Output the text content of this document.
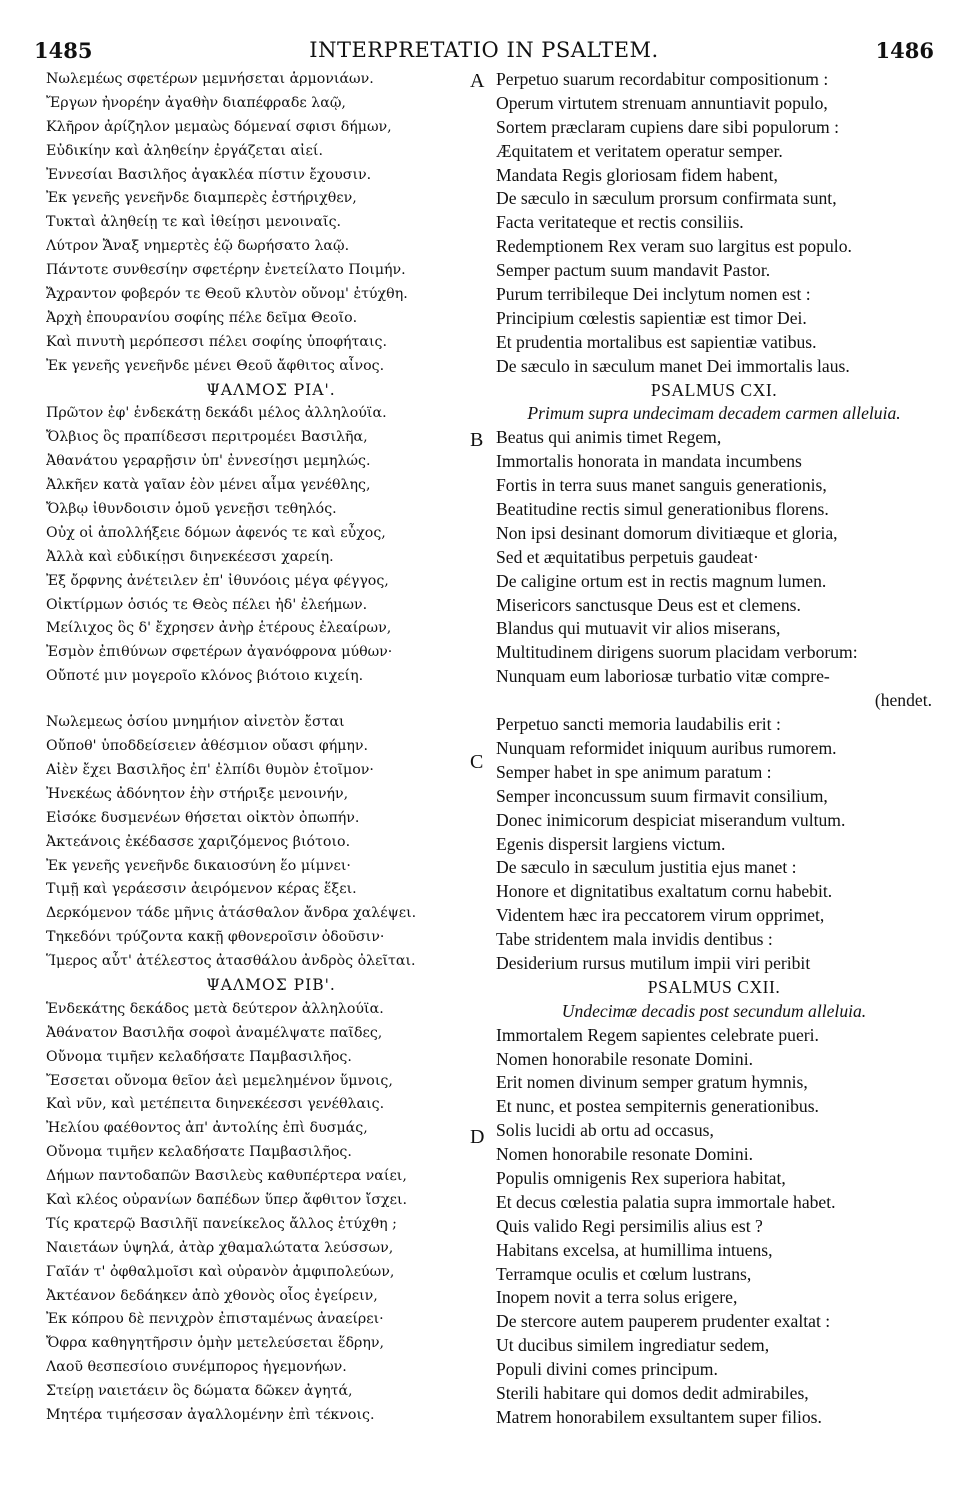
1485	INTERPRETATIO IN PSALTEM.	1486
A
B
C
D
Νωλεμέως σφετέρων μεμνήσεται ἁρμονιάων.
Ἔργων ἠνορέην ἀγαθὴν διαπέφραδε λαῷ,
Κλῆρον ἀρίζηλον μεμαὼς δόμεναί σφισι δήμων,
Εὐδικίην καὶ ἀληθείην ἐργάζεται αἰεί.
Ἐννεσίαι Βασιλῆος ἀγακλέα πίστιν ἔχουσιν.
Ἐκ γενεῆς γενεῆνδε διαμπερὲς ἐστήριχθεν,
Τυκταὶ ἀληθείῃ τε καὶ ἰθείῃσι μενοιναῖς.
Λύτρον Ἄναξ νημερτὲς ἑῷ δωρήσατο λαῷ.
Πάντοτε συνθεσίην σφετέρην ἐνετείλατο Ποιμήν.
Ἄχραντον φοβερόν τε Θεοῦ κλυτὸν οὔνομ' ἐτύχθη.
Ἀρχὴ ἐπουρανίου σοφίης πέλε δεῖμα Θεοῖο.
Καὶ πινυτὴ μερόπεσσι πέλει σοφίης ὑποφήταις.
Ἐκ γενεῆς γενεῆνδε μένει Θεοῦ ἄφθιτος αἶνος.
ΨΑΛΜΟΣ ΡΙΑ'.
Πρῶτον ἐφ' ἑνδεκάτῃ δεκάδι μέλος ἀλληλούϊα.
Ὄλβιος ὃς πραπίδεσσι περιτρομέει Βασιλῆα,
Ἀθανάτου γεραρῇσιν ὑπ' ἐννεσίῃσι μεμηλώς.
Ἀλκῆεν κατὰ γαῖαν ἑὸν μένει αἷμα γενέθλης,
Ὄλβῳ ἰθυνδοισιν ὁμοῦ γενεῇσι τεθηλός.
Οὐχ οἱ ἀπολλήξειε δόμων ἀφενός τε καὶ εὖχος,
Ἀλλὰ καὶ εὐδικίῃσι διηνεκέεσσι χαρείη.
Ἐξ ὄρφνης ἀνέτειλεν ἐπ' ἰθυνόοις μέγα φέγγος,
Οἰκτίρμων ὁσιός τε Θεὸς πέλει ἠδ' ἐλεήμων.
Μείλιχος ὃς δ' ἔχρησεν ἀνὴρ ἑτέρους ἐλεαίρων,
Ἐσμὸν ἐπιθύνων σφετέρων ἀγανόφρονα μύθων·
Οὔποτέ μιν μογεροῖο κλόνος βιότοιο κιχείη.
Νωλεμεως ὁσίου μνημήιον αἰνετὸν ἔσται
Οὔποθ' ὑποδδείσειεν ἀθέσμιον οὔασι φήμην.
Αἰὲν ἔχει Βασιλῆος ἐπ' ἐλπίδι θυμὸν ἑτοῖμον·
Ἠνεκέως ἀδόνητον ἑὴν στήριξε μενοινήν,
Εἰσόκε δυσμενέων θήσεται οἰκτὸν ὀπωπήν.
Ἀκτεάνοις ἐκέδασσε χαριζόμενος βιότοιο.
Ἐκ γενεῆς γενεῆνδε δικαιοσύνη ἕο μίμνει·
Τιμῇ καὶ γεράεσσιν ἀειρόμενον κέρας ἕξει.
Δερκόμενον τάδε μῆνις ἀτάσθαλον ἄνδρα χαλέψει.
Τηκεδόνι τρύζοντα κακῇ φθονεροῖσιν ὀδοῦσιν·
Ἵμερος αὖτ' ἀτέλεστος ἀτασθάλου ἀνδρὸς ὀλεῖται.
ΨΑΛΜΟΣ ΡΙΒ'.
Ἑνδεκάτης δεκάδος μετὰ δεύτερον ἀλληλούϊα.
Ἀθάνατον Βασιλῆα σοφοὶ ἀναμέλψατε παῖδες,
Οὔνομα τιμῆεν κελαδήσατε Παμβασιλῆος.
Ἔσσεται οὔνομα θεῖον ἀεὶ μεμελημένον ὕμνοις,
Καὶ νῦν, καὶ μετέπειτα διηνεκέεσσι γενέθλαις.
Ἠελίου φαέθοντος ἀπ' ἀντολίης ἐπὶ δυσμάς,
Οὔνομα τιμῆεν κελαδήσατε Παμβασιλῆος.
Δήμων παντοδαπῶν Βασιλεὺς καθυπέρτερα ναίει,
Καὶ κλέος οὐρανίων δαπέδων ὕπερ ἄφθιτον ἴσχει.
Τίς κρατερῷ Βασιλῆϊ πανείκελος ἄλλος ἐτύχθη ;
Ναιετάων ὑψηλά, ἀτὰρ χθαμαλώτατα λεύσσων,
Γαῖάν τ' ὀφθαλμοῖσι καὶ οὐρανὸν ἀμφιπολεύων,
Ἀκτέανον δεδάηκεν ἀπὸ χθονὸς οἷος ἐγείρειν,
Ἐκ κόπρου δὲ πενιχρὸν ἐπισταμένως ἀναείρει·
Ὄφρα καθηγητῆρσιν ὁμὴν μετελεύσεται ἕδρην,
Λαοῦ θεσπεσίοιο συνέμπορος ἡγεμονήων.
Στείρῃ ναιετάειν ὃς δώματα δῶκεν ἀγητά,
Μητέρα τιμήεσσαν ἀγαλλομένην ἐπὶ τέκνοις.
Perpetuo suarum recordabitur compositionum :
Operum virtutem strenuam annuntiavit populo,
Sortem præclaram cupiens dare sibi populorum :
Æquitatem et veritatem operatur semper.
Mandata Regis gloriosam fidem habent,
De sæculo in sæculum prorsum confirmata sunt,
Facta veritateque et rectis consiliis.
Redemptionem Rex veram suo largitus est populo.
Semper pactum suum mandavit Pastor.
Purum terribileque Dei inclytum nomen est :
Principium cœlestis sapientiæ est timor Dei.
Et prudentia mortalibus est sapientiæ vatibus.
De sæculo in sæculum manet Dei immortalis laus.
PSALMUS CXI.
Primum supra undecimam decadem carmen alleluia.
Beatus qui animis timet Regem,
Immortalis honorata in mandata incumbens
Fortis in terra suus manet sanguis generationis,
Beatitudine rectis simul generationibus florens.
Non ipsi desinant domorum divitiæque et gloria,
Sed et æquitatibus perpetuis gaudeat·
De caligine ortum est in rectis magnum lumen.
Misericors sanctusque Deus est et clemens.
Blandus qui mutuavit vir alios miserans,
Multitudinem dirigens suorum placidam verborum:
Nunquam eum laboriosæ turbatio vitæ compre-
(hendet.
Perpetuo sancti memoria laudabilis erit :
Nunquam reformidet iniquum auribus rumorem.
Semper habet in spe animum paratum :
Semper inconcussum suum firmavit consilium,
Donec inimicorum despiciat miserandum vultum.
Egenis dispersit largiens victum.
De sæculo in sæculum justitia ejus manet :
Honore et dignitatibus exaltatum cornu habebit.
Videntem hæc ira peccatorem virum opprimet,
Tabe stridentem mala invidis dentibus :
Desiderium rursus mutilum impii viri peribit
PSALMUS CXII.
Undecimæ decadis post secundum alleluia.
Immortalem Regem sapientes celebrate pueri.
Nomen honorabile resonate Domini.
Erit nomen divinum semper gratum hymnis,
Et nunc, et postea sempiternis generationibus.
Solis lucidi ab ortu ad occasus,
Nomen honorabile resonate Domini.
Populis omnigenis Rex superiora habitat,
Et decus cœlestia palatia supra immortale habet.
Quis valido Regi persimilis alius est ?
Habitans excelsa, at humillima intuens,
Terramque oculis et cœlum lustrans,
Inopem novit a terra solus erigere,
De stercore autem pauperem prudenter exaltat :
Ut ducibus similem ingrediatur sedem,
Populi divini comes principum.
Sterili habitare qui domos dedit admirabiles,
Matrem honorabilem exsultantem super filios.
